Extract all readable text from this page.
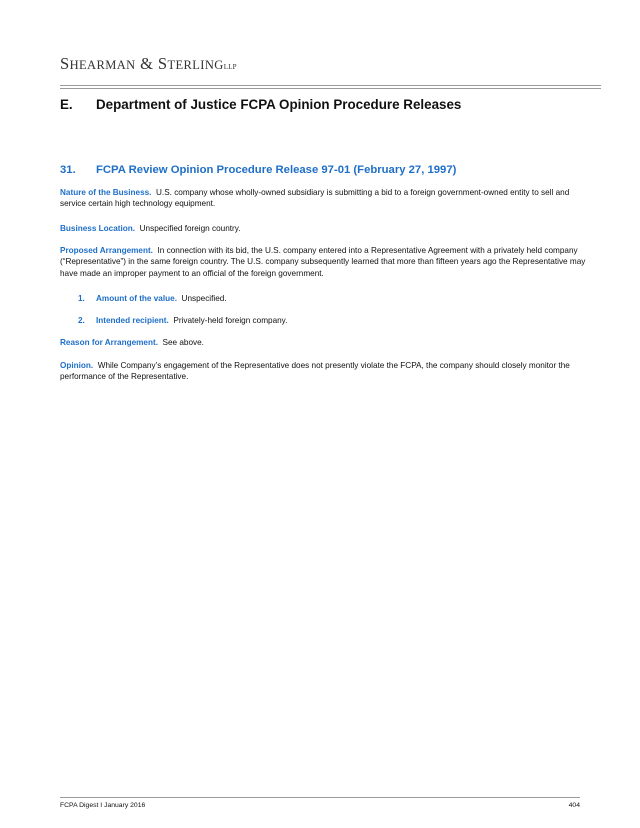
SHEARMAN & STERLINGLLP
E. Department of Justice FCPA Opinion Procedure Releases
31. FCPA Review Opinion Procedure Release 97-01 (February 27, 1997)

Nature of the Business. U.S. company whose wholly-owned subsidiary is submitting a bid to a foreign government-owned entity to sell and service certain high technology equipment.

Business Location. Unspecified foreign country.

Proposed Arrangement. In connection with its bid, the U.S. company entered into a Representative Agreement with a privately held company (“Representative”) in the same foreign country. The U.S. company subsequently learned that more than fifteen years ago the Representative may have made an improper payment to an official of the foreign government.

1. Amount of the value. Unspecified.

2. Intended recipient. Privately-held foreign company.

Reason for Arrangement. See above.

Opinion. While Company’s engagement of the Representative does not presently violate the FCPA, the company should closely monitor the performance of the Representative.

FCPA Digest I January 2016	404
